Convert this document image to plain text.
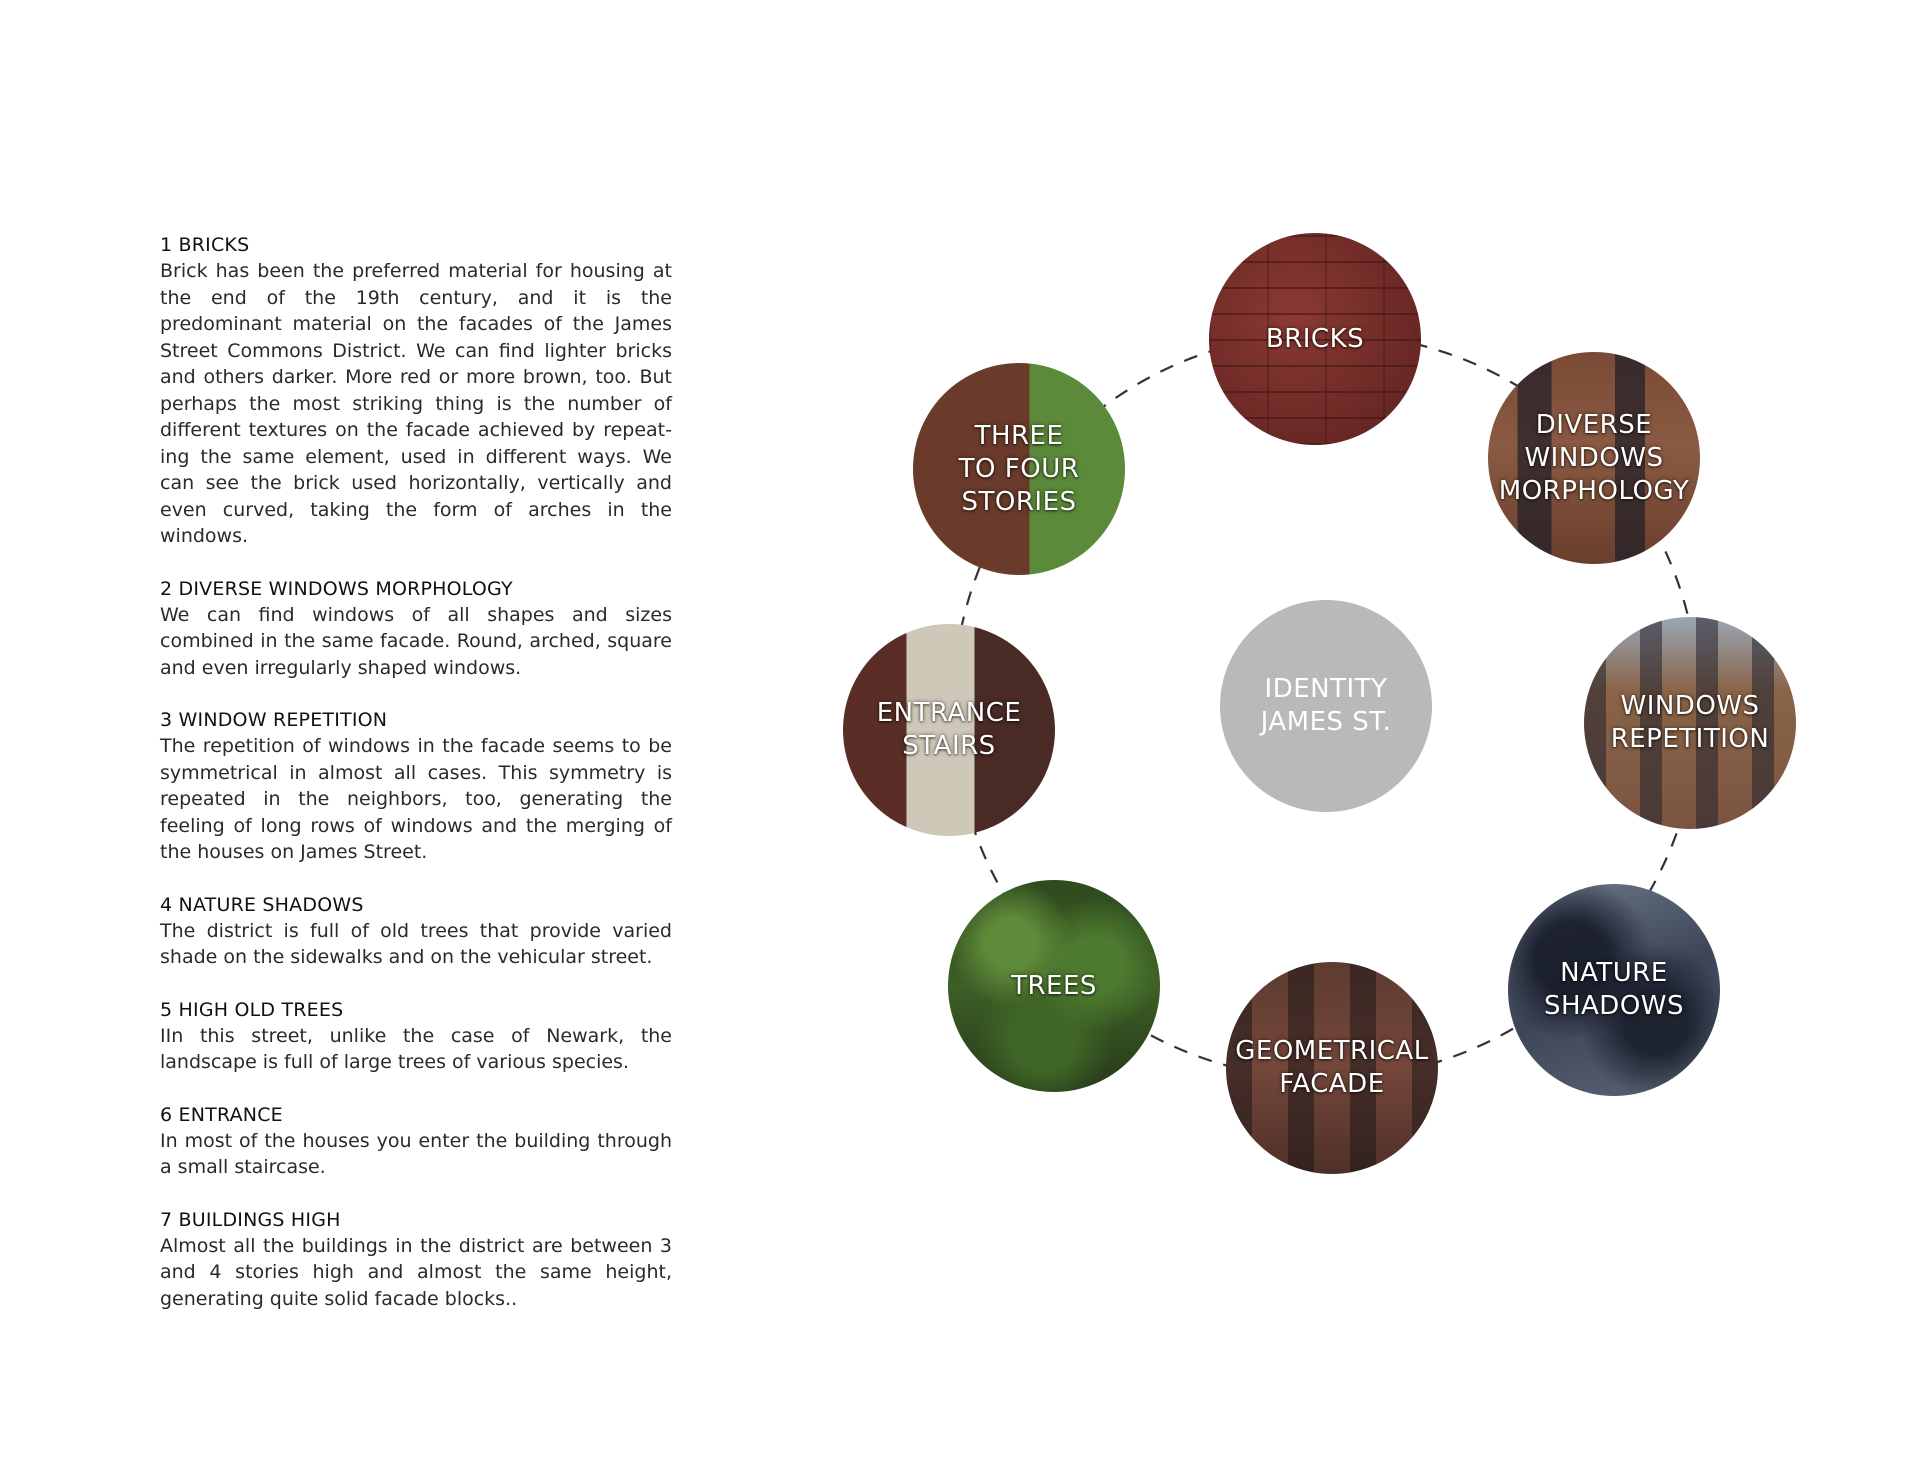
1 BRICKS

Brick has been the preferred material for housing at the end of the 19th century, and it is the predominant material on the facades of the James Street Commons District. We can find lighter bricks and others darker. More red or more brown, too. But perhaps the most striking thing is the number of different textures on the facade achieved by repeat-ing the same element, used in different ways. We can see the brick used horizontally, vertically and even curved, taking the form of arches in the windows.

2 DIVERSE WINDOWS MORPHOLOGY

We can find windows of all shapes and sizes combined in the same facade. Round, arched, square and even irregularly shaped windows.

3 WINDOW REPETITION

The repetition of windows in the facade seems to be symmetrical in almost all cases. This symmetry is repeated in the neighbors, too, generating the feeling of long rows of windows and the merging of the houses on James Street.

4 NATURE SHADOWS

The district is full of old trees that provide varied shade on the sidewalks and on the vehicular street.

5 HIGH OLD TREES

IIn this street, unlike the case of Newark, the landscape is full of large trees of various species.

6 ENTRANCE

In most of the houses you enter the building through a small staircase.

7 BUILDINGS HIGH

Almost all the buildings in the district are between 3 and 4 stories high and almost the same height, generating quite solid facade blocks..

IDENTITY
JAMES ST.
BRICKS
DIVERSE
WINDOWS
MORPHOLOGY
WINDOWS
REPETITION
NATURE
SHADOWS
GEOMETRICAL
FACADE
TREES
ENTRANCE
STAIRS
THREE
TO FOUR
STORIES
